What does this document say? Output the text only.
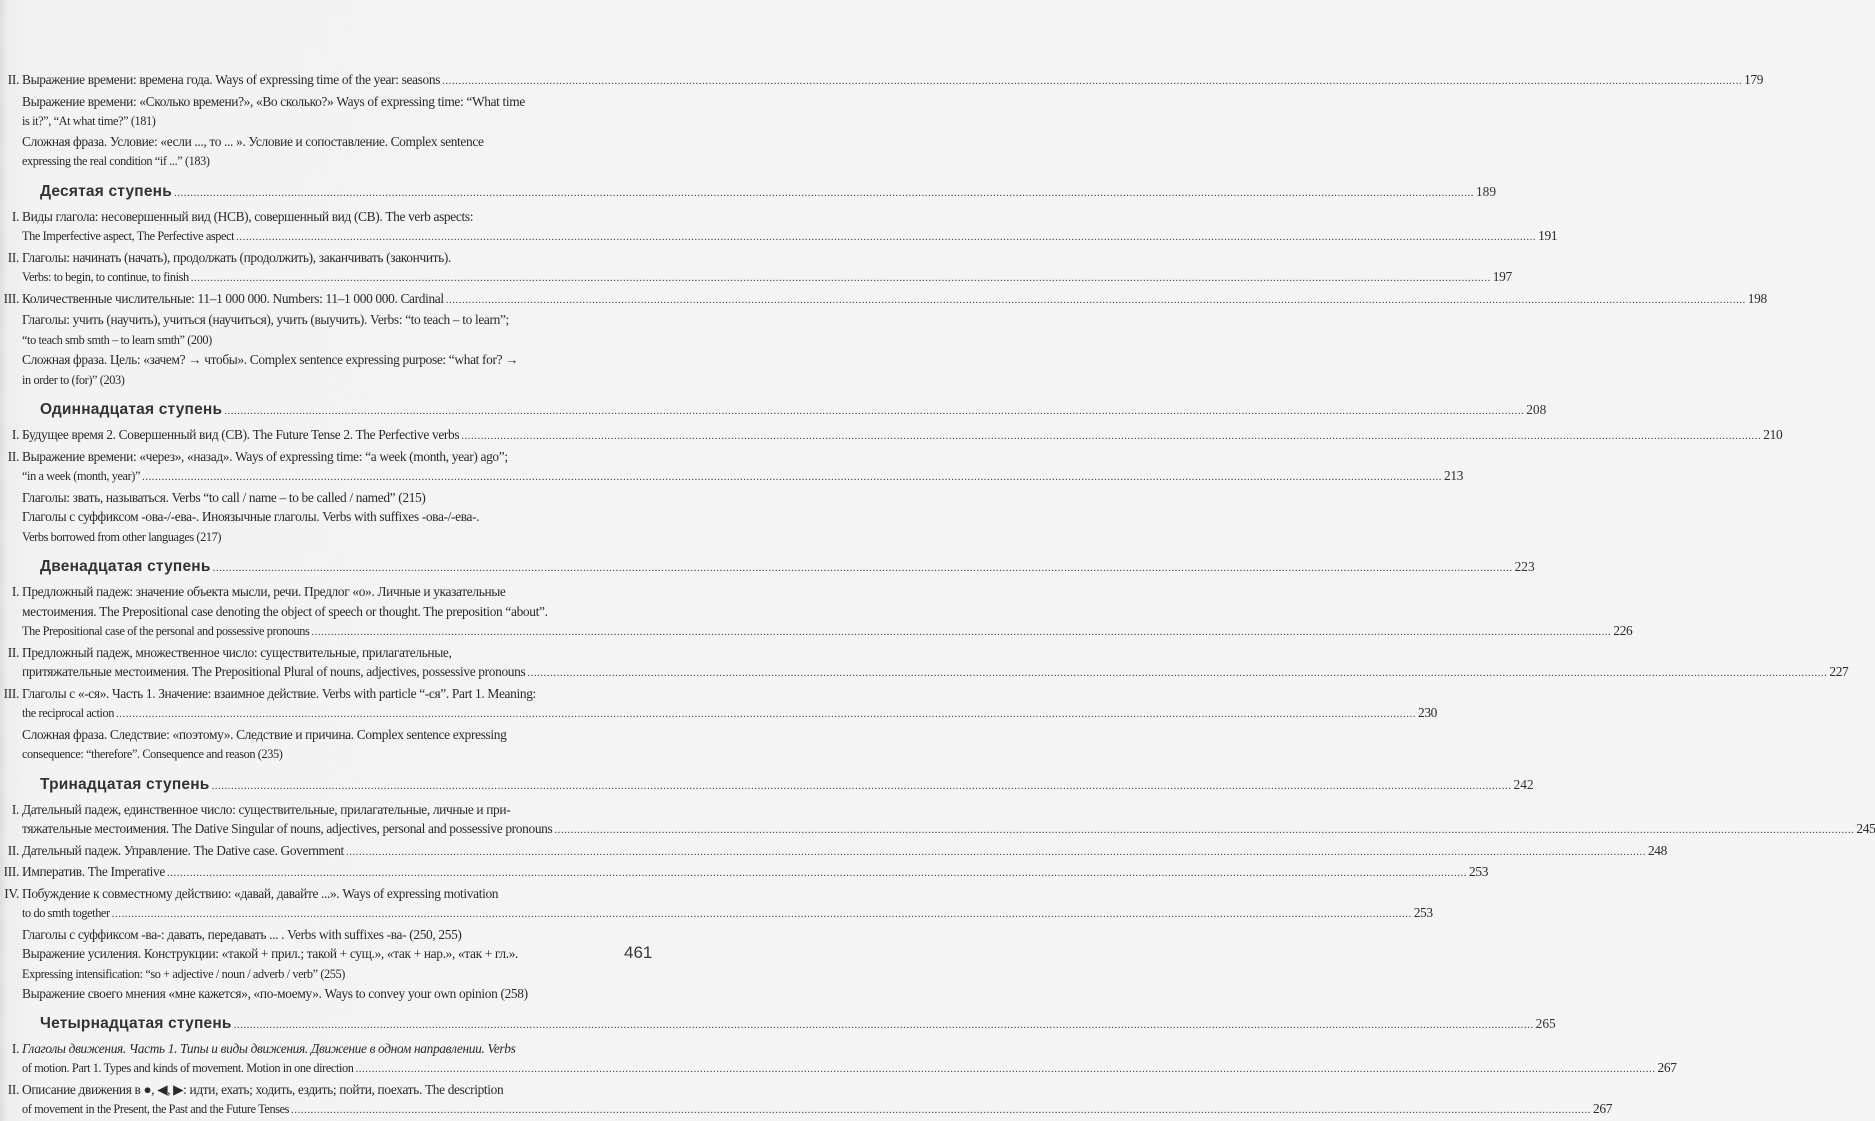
II. Выражение времени: времена года. Ways of expressing time of the year: seasons .....	179
Выражение времени: «Сколько времени?», «Во сколько?» Ways of expressing time: “What time
is it?”, “At what time?” (181)
Сложная фраза. Условие: «если ..., то ... ». Условие и сопоставление. Complex sentence
expressing the real condition “if ...” (183)
Десятая ступень .....	189
I. Виды глагола: несовершенный вид (НСВ), совершенный вид (СВ). The verb aspects:
The Imperfective aspect, The Perfective aspect .....	191
II. Глаголы: начинать (начать), продолжать (продолжить), заканчивать (закончить).
Verbs: to begin, to continue, to finish .....	197
III. Количественные числительные: 11–1 000 000. Numbers: 11–1 000 000. Cardinal .....	198
Глаголы: учить (научить), учиться (научиться), учить (выучить). Verbs: “to teach – to learn”;
“to teach smb smth – to learn smth” (200)
Сложная фраза. Цель: «зачем? → чтобы». Complex sentence expressing purpose: “what for? →
in order to (for)” (203)
Одиннадцатая ступень .....	208
I. Будущее время 2. Совершенный вид (СВ). The Future Tense 2. The Perfective verbs .....	210
II. Выражение времени: «через», «назад». Ways of expressing time: “a week (month, year) ago”;
“in a week (month, year)” .....	213
Глаголы: звать, называться. Verbs “to call / name – to be called / named” (215)
Глаголы с суффиксом -ова-/-ева-. Иноязычные глаголы. Verbs with suffixes -ова-/-ева-.
Verbs borrowed from other languages (217)
Двенадцатая ступень .....	223
I. Предложный падеж: значение объекта мысли, речи. Предлог «о». Личные и указательные
местоимения. The Prepositional case denoting the object of speech or thought. The preposition “about”.
The Prepositional case of the personal and possessive pronouns .....	226
II. Предложный падеж, множественное число: существительные, прилагательные,
притяжательные местоимения. The Prepositional Plural of nouns, adjectives, possessive pronouns .....	227
III. Глаголы с «-ся». Часть 1. Значение: взаимное действие. Verbs with particle “-ся”. Part 1. Meaning:
the reciprocal action .....	230
Сложная фраза. Следствие: «поэтому». Следствие и причина. Complex sentence expressing
consequence: “therefore”. Consequence and reason (235)
Тринадцатая ступень .....	242
I. Дательный падеж, единственное число: существительные, прилагательные, личные и при-
тяжательные местоимения. The Dative Singular of nouns, adjectives, personal and possessive pronouns .....	245
II. Дательный падеж. Управление. The Dative case. Government .....	248
III. Императив. The Imperative .....	253
IV. Побуждение к совместному действию: «давай, давайте ...». Ways of expressing motivation
to do smth together .....	253
Глаголы с суффиксом -ва-: давать, передавать ... . Verbs with suffixes -ва- (250, 255)
Выражение усиления. Конструкции: «такой + прил.; такой + сущ.», «так + нар.», «так + гл.».
Expressing intensification: “so + adjective / noun / adverb / verb” (255)
Выражение своего мнения «мне кажется», «по-моему». Ways to convey your own opinion (258)
Четырнадцатая ступень .....	265
I. Глаголы движения. Часть 1. Типы и виды движения. Движение в одном направлении. Verbs
of motion. Part 1. Types and kinds of movement. Motion in one direction .....	267
II. Описание движения в ●, ◀, ▶: идти, ехать; ходить, ездить; пойти, поехать. The description
of movement in the Present, the Past and the Future Tenses .....	267
461
